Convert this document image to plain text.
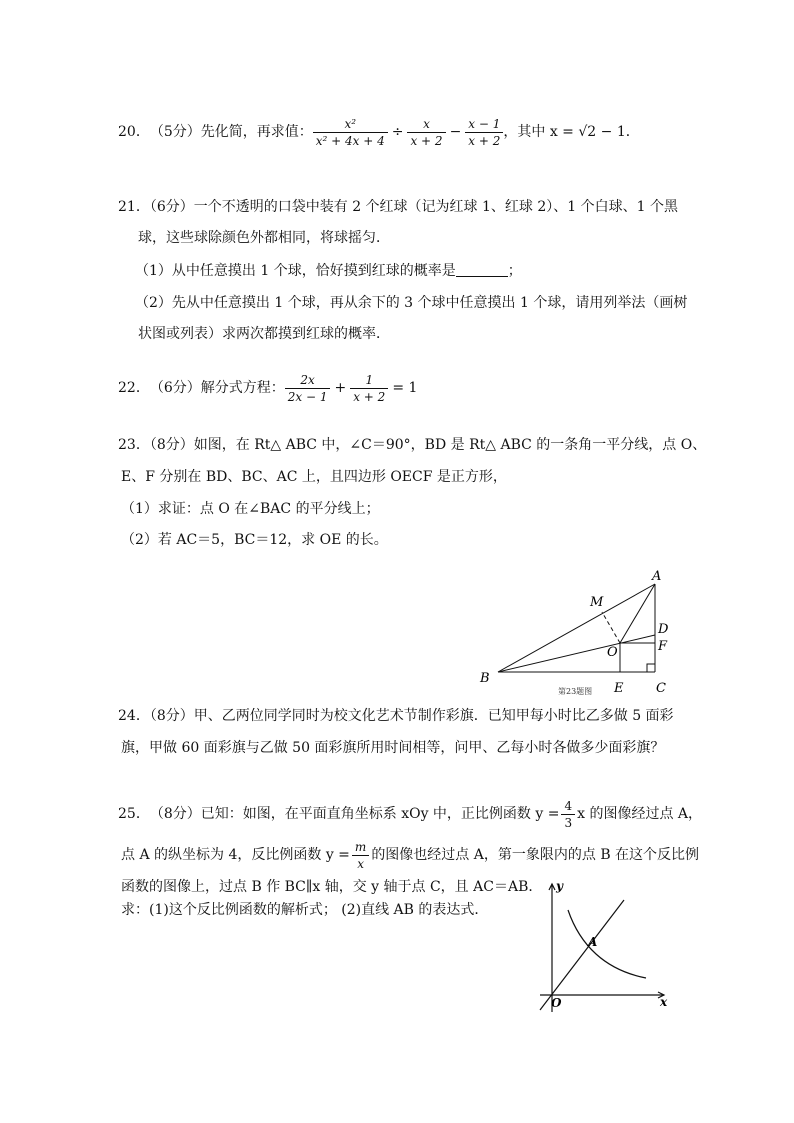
20． （5分） 先化简，再求值： $\frac{\text{x²}}{\text{x² + 4x + 4}} \div \frac{x}{x + 2} - \frac{x - 1}{x + 2}$ ，其中 x = √2 − 1．
21．（6分）一个不透明的口袋中装有 2 个红球（记为红球 1、红球 2）、1 个白球、1 个黑
球，这些球除颜色外都相同，将球摇匀．
（1）从中任意摸出 1 个球，恰好摸到红球的概率是	；
（2）先从中任意摸出 1 个球，再从余下的 3 个球中任意摸出 1 个球，请用列举法（画树
状图或列表）求两次都摸到红球的概率．
22． （6分） 解分式方程： $\frac{2x}{2x - 1} + \frac{1}{x + 2} = 1$
23．（8分）如图，在 Rt△ ABC 中，∠C＝90°，BD 是 Rt△ ABC 的一条角一平分线，点 O、
E、F 分别在 BD、BC、AC 上，且四边形 OECF 是正方形，
（1）求证：点 O 在∠BAC 的平分线上；
（2）若 AC＝5，BC＝12，求 OE 的长。
A
B
C
D
E
F
M
O
第23题图
24．（8分）甲、乙两位同学同时为校文化艺术节制作彩旗．已知甲每小时比乙多做 5 面彩
旗，甲做 60 面彩旗与乙做 50 面彩旗所用时间相等，问甲、乙每小时各做多少面彩旗？
25． （8分） 已知：如图，在平面直角坐标系 xOy 中，正比例函数 $y = \frac{4}{3}$ x 的图像经过点 A，
点 A 的纵坐标为 4，反比例函数 $y = \frac{m}{x}$ 的图像也经过点 A，第一象限内的点 B 在这个反比例
函数的图像上，过点 B 作 BC∥x 轴，交 y 轴于点 C，且 AC＝AB．
求：(1)这个反比例函数的解析式； (2)直线 AB 的表达式．
y
x
O
A
